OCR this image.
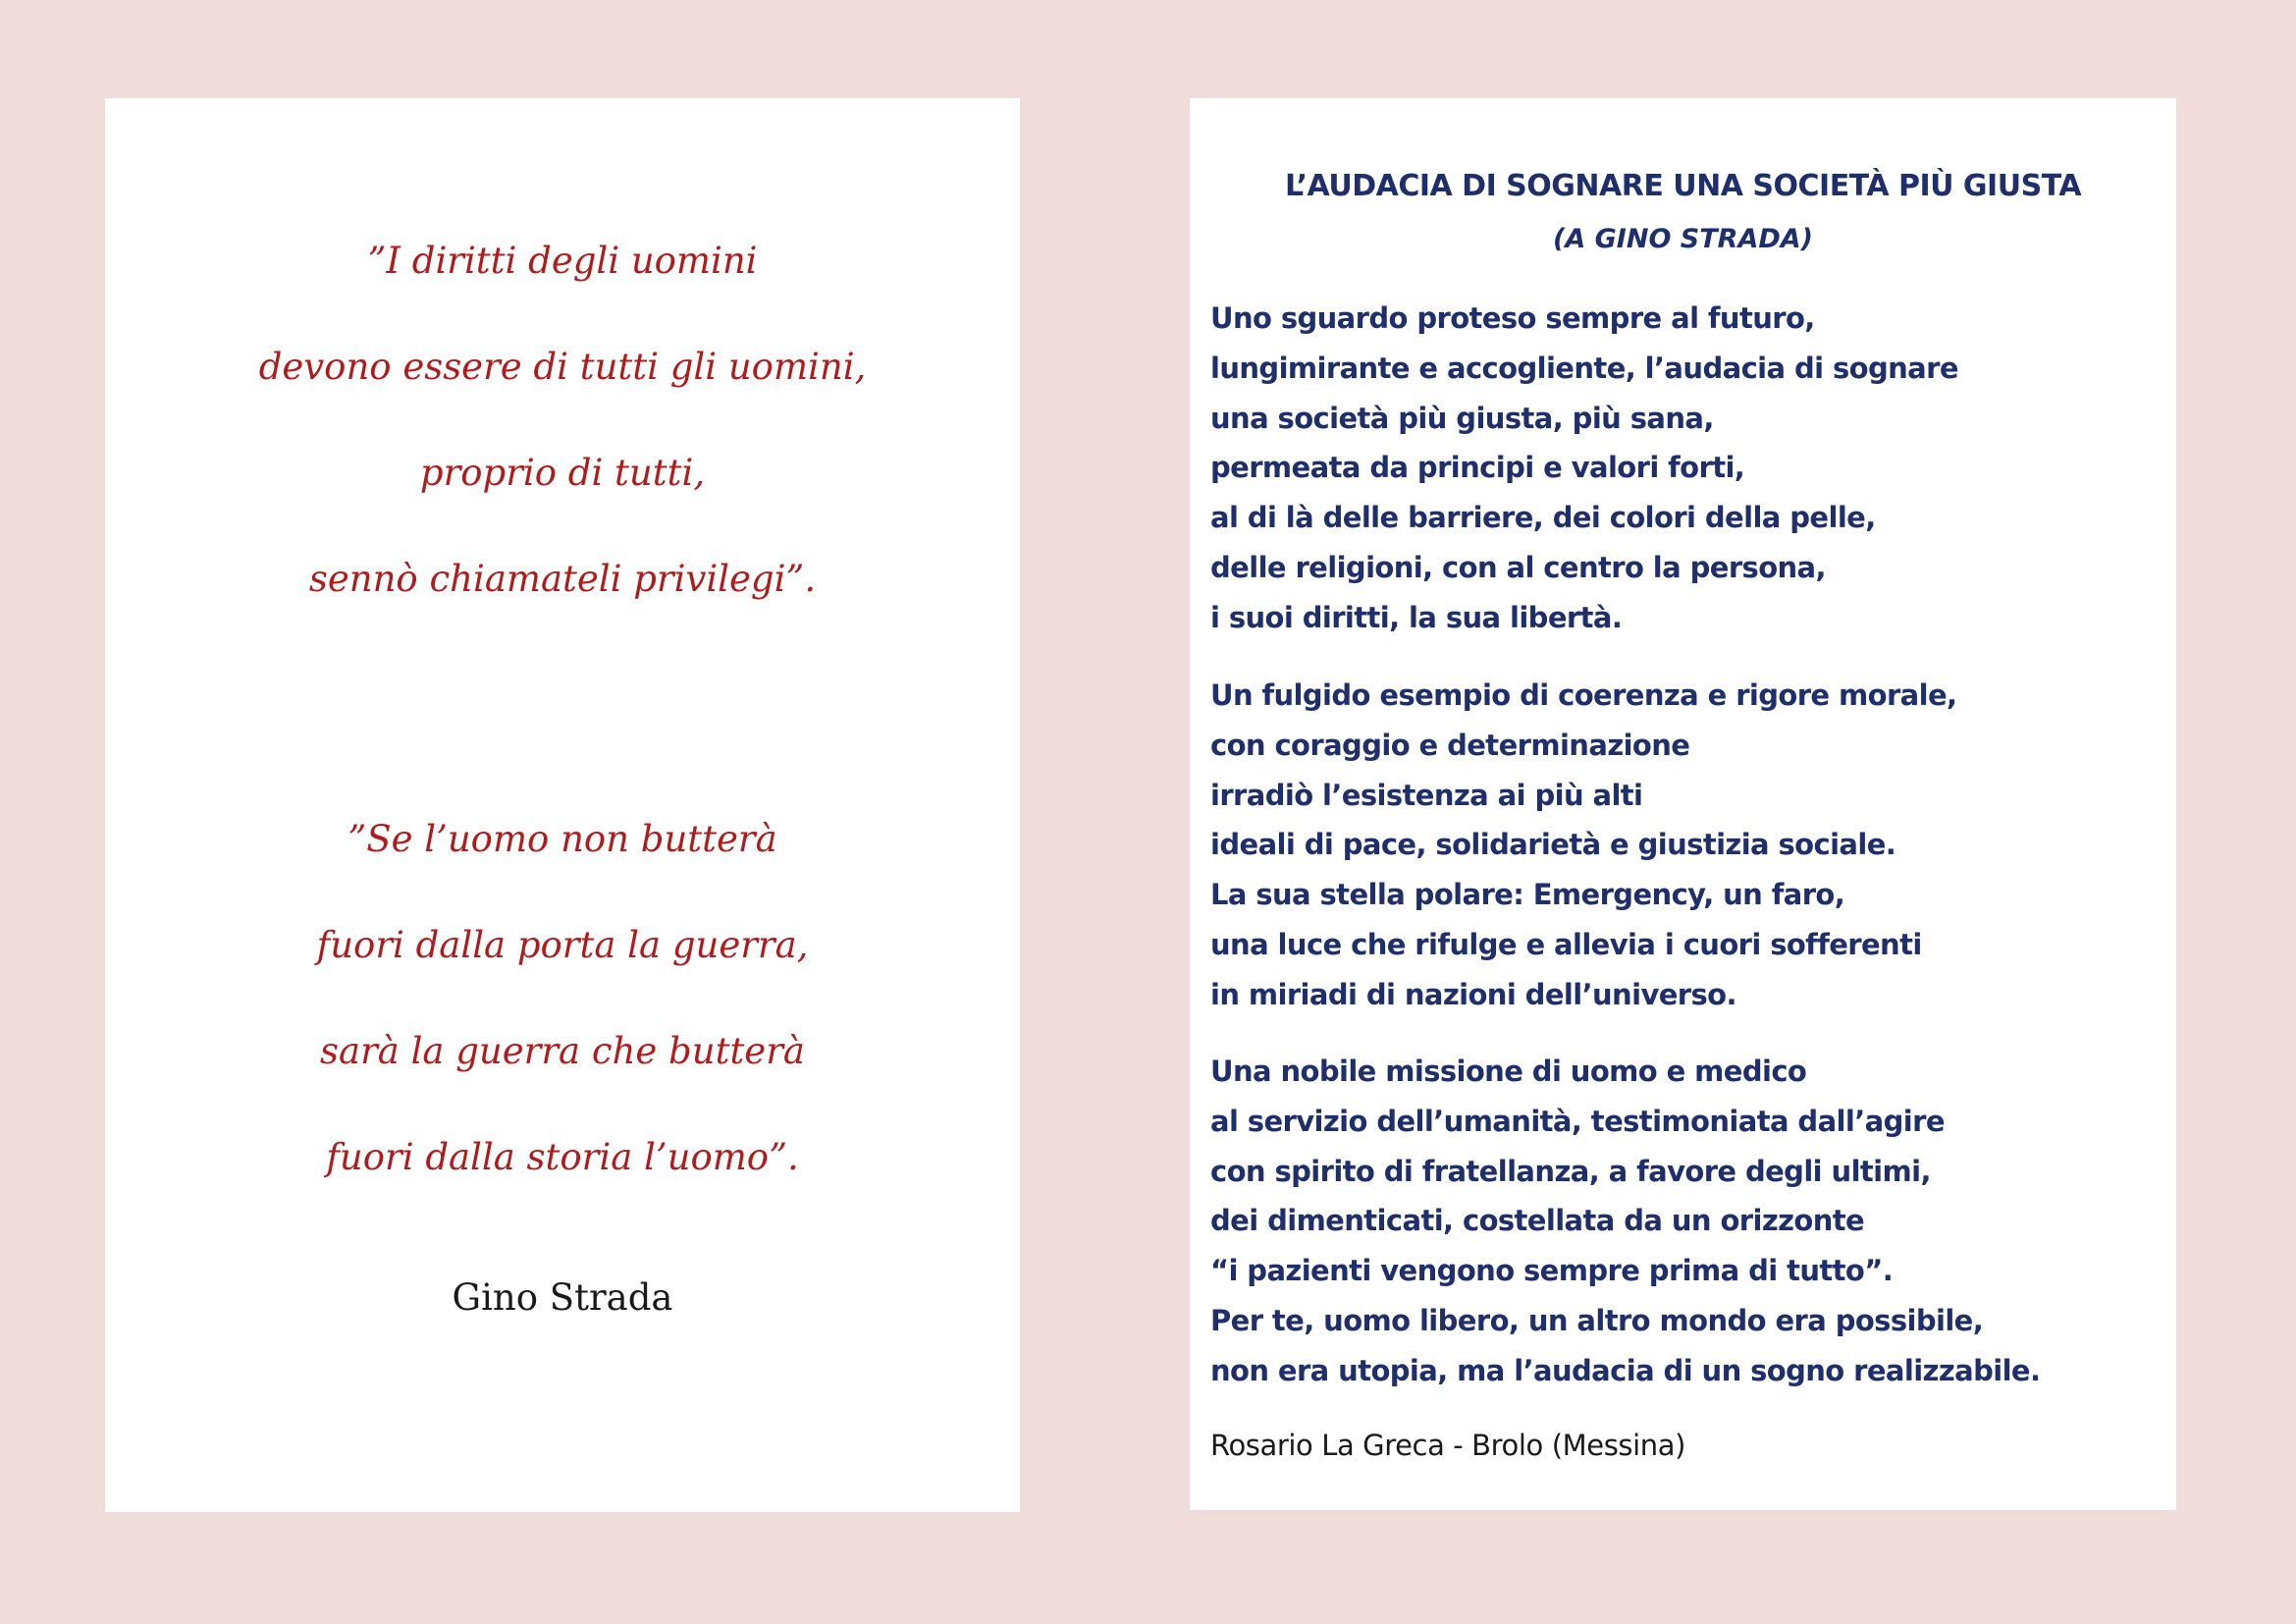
”I diritti degli uomini
devono essere di tutti gli uomini,
proprio di tutti,
sennò chiamateli privilegi”.
”Se l’uomo non butterà
fuori dalla porta la guerra,
sarà la guerra che butterà
fuori dalla storia l’uomo”.
Gino Strada
L’AUDACIA DI SOGNARE UNA SOCIETÀ PIÙ GIUSTA
(A GINO STRADA)
Uno sguardo proteso sempre al futuro,
lungimirante e accogliente, l’audacia di sognare
una società più giusta, più sana,
permeata da principi e valori forti,
al di là delle barriere, dei colori della pelle,
delle religioni, con al centro la persona,
i suoi diritti, la sua libertà.
Un fulgido esempio di coerenza e rigore morale,
con coraggio e determinazione
irradiò l’esistenza ai più alti
ideali di pace, solidarietà e giustizia sociale.
La sua stella polare: Emergency, un faro,
una luce che rifulge e allevia i cuori sofferenti
in miriadi di nazioni dell’universo.
Una nobile missione di uomo e medico
al servizio dell’umanità, testimoniata dall’agire
con spirito di fratellanza, a favore degli ultimi,
dei dimenticati, costellata da un orizzonte
“i pazienti vengono sempre prima di tutto”.
Per te, uomo libero, un altro mondo era possibile,
non era utopia, ma l’audacia di un sogno realizzabile.
Rosario La Greca - Brolo (Messina)
